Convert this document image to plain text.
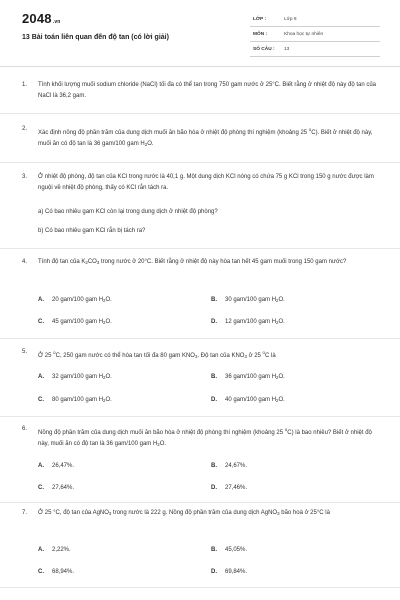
2048.vn
13 Bài toán liên quan đến độ tan (có lời giải)
LỚP :	Lớp 8
MÔN :	Khoa học tự nhiên
SỐ CÂU : 13
1. Tính khối lượng muối sodium chloride (NaCl) tối đa có thể tan trong 750 gam nước ở 25°C. Biết rằng ở nhiệt độ này độ tan của NaCl là 36,2 gam.
2.
Xác định nồng độ phần trăm của dung dịch muối ăn bão hòa ở nhiệt độ phòng thí nghiệm (khoảng 25 $^o$C). Biết ở nhiệt độ này, muối ăn có độ tan là 36 gam/100 gam $H_2O$.
3. Ở nhiệt độ phòng, độ tan của KCl trong nước là 40,1 g. Một dung dịch KCl nóng có chứa 75 g KCl trong 150 g nước được làm nguội về nhiệt độ phòng, thấy có KCl rắn tách ra.
a) Có bao nhiêu gam KCl còn lại trong dung dịch ở nhiệt độ phòng?
b) Có bao nhiêu gam KCl rắn bị tách ra?
4. Tính độ tan của $K_2CO_3$ trong nước ở 20°C. Biết rằng ở nhiệt độ này hòa tan hết 45 gam muối trong 150 gam nước?
A. 20 gam/100 gam $H_2O$.	B. 30 gam/100 gam $H_2O$.
C. 45 gam/100 gam $H_2O$.	D. 12 gam/100 gam $H_2O$.
5.
Ở 25 $^o$C, 250 gam nước có thể hòa tan tối đa 80 gam $KNO_3$. Độ tan của $KNO_3$ ở 25 $^o$C là
A. 32 gam/100 gam $H_2O$.	B. 36 gam/100 gam $H_2O$.
C. 80 gam/100 gam $H_2O$.	D. 40 gam/100 gam $H_2O$.
6.
Nồng độ phần trăm của dung dịch muối ăn bão hòa ở nhiệt độ phòng thí nghiệm (khoảng 25 $^o$C) là bao nhiêu? Biết ở nhiệt độ này, muối ăn có độ tan là 36 gam/100 gam $H_2O$.
A. 26,47%.	B. 24,67%.
C. 27,64%.	D. 27,46%.
7. Ở 25 °C, độ tan của AgNO$_3$ trong nước là 222 g. Nồng độ phần trăm của dung dịch AgNO$_3$ bão hoà ở 25°C là
A. 2,22%.	B. 45,05%.
C. 68,94%.	D. 69,84%.
